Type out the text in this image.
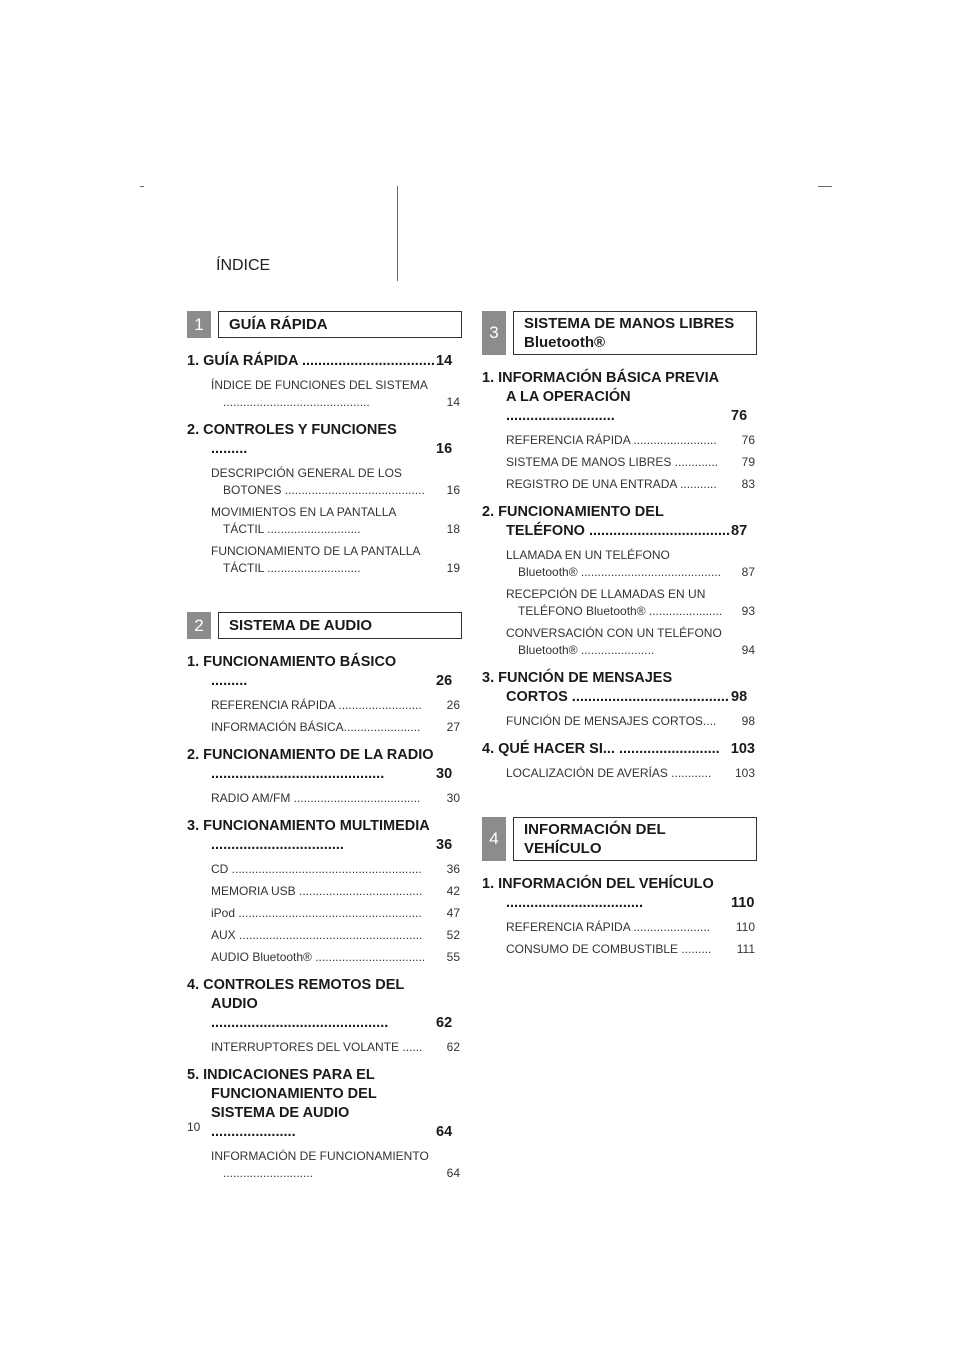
ÍNDICE
1	GUÍA RÁPIDA
1. GUÍA RÁPIDA ................................. 14
ÍNDICE DE FUNCIONES DEL SISTEMA ............................................	14
2. CONTROLES Y FUNCIONES .........	16
DESCRIPCIÓN GENERAL DE LOS BOTONES .......................................... 16
MOVIMIENTOS EN LA PANTALLA TÁCTIL ............................	18
FUNCIONAMIENTO DE LA PANTALLA TÁCTIL ............................	19
2	SISTEMA DE AUDIO
1. FUNCIONAMIENTO BÁSICO .........	26
REFERENCIA RÁPIDA ......................... 26
INFORMACIÓN BÁSICA....................... 27
2. FUNCIONAMIENTO DE LA RADIO ...........................................	30
RADIO AM/FM ...................................... 30
3. FUNCIONAMIENTO MULTIMEDIA .................................	36
CD ......................................................... 36
MEMORIA USB ..................................... 42
iPod ....................................................... 47
AUX ....................................................... 52
AUDIO Bluetooth® ................................. 55
4. CONTROLES REMOTOS DEL AUDIO ............................................	62
INTERRUPTORES DEL VOLANTE ...... 62
5. INDICACIONES PARA EL FUNCIONAMIENTO DEL SISTEMA DE AUDIO .....................	64
INFORMACIÓN DE FUNCIONAMIENTO ...........................	64
3	SISTEMA DE MANOS LIBRES Bluetooth®
1. INFORMACIÓN BÁSICA PREVIA A LA OPERACIÓN ...........................	76
REFERENCIA RÁPIDA ......................... 76
SISTEMA DE MANOS LIBRES ............. 79
REGISTRO DE UNA ENTRADA ........... 83
2. FUNCIONAMIENTO DEL TELÉFONO ................................... 87
LLAMADA EN UN TELÉFONO Bluetooth® .......................................... 87
RECEPCIÓN DE LLAMADAS EN UN TELÉFONO Bluetooth® ...................... 93
CONVERSACIÓN CON UN TELÉFONO Bluetooth® ......................	94
3. FUNCIÓN DE MENSAJES CORTOS ....................................... 98
FUNCIÓN DE MENSAJES CORTOS.... 98
4. QUÉ HACER SI... ......................... 103
LOCALIZACIÓN DE AVERÍAS ............ 103
4	INFORMACIÓN DEL VEHÍCULO
1. INFORMACIÓN DEL VEHÍCULO ..................................	110
REFERENCIA RÁPIDA ....................... 110
CONSUMO DE COMBUSTIBLE ......... 111
10
